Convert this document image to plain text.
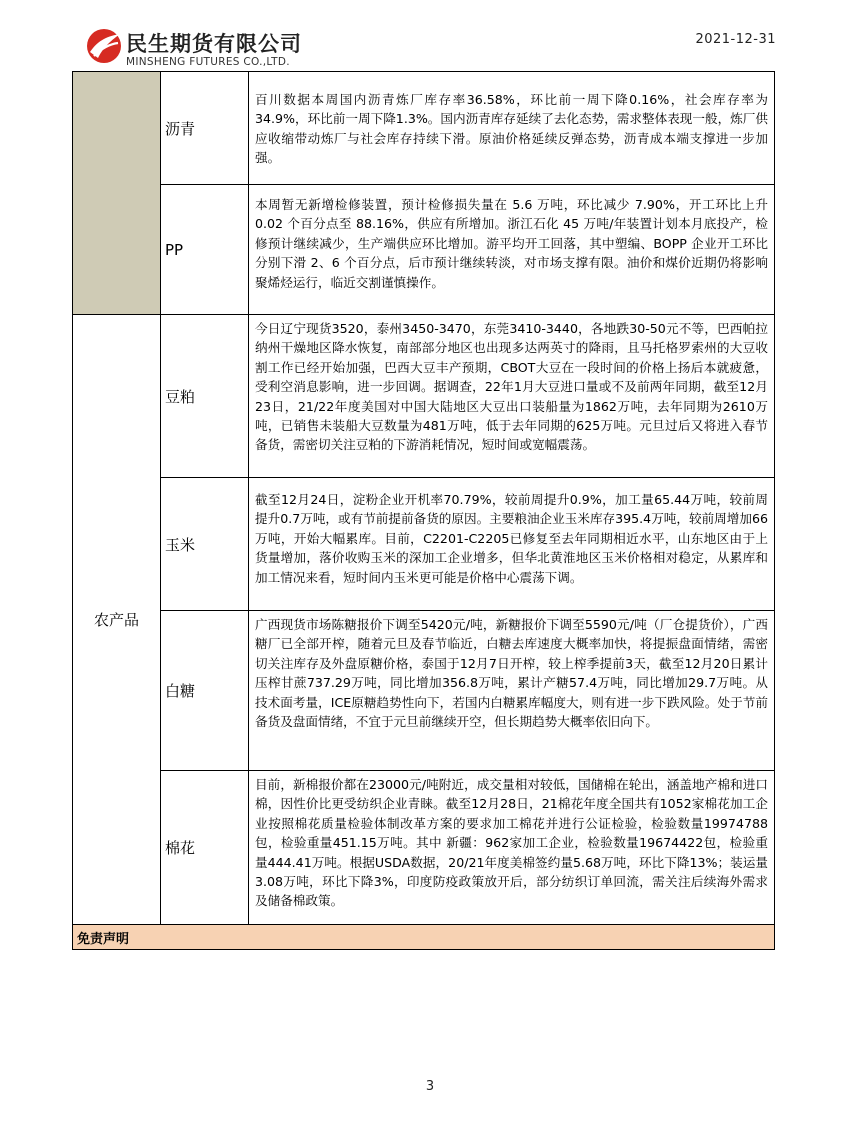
民生期货有限公司
MINSHENG FUTURES CO.,LTD.
2021-12-31
沥青
百川数据本周国内沥青炼厂库存率36.58%，环比前一周下降0.16%，社会库存率为34.9%，环比前一周下降1.3%。国内沥青库存延续了去化态势，需求整体表现一般，炼厂供应收缩带动炼厂与社会库存持续下滑。原油价格延续反弹态势，沥青成本端支撑进一步加强。
PP
本周暂无新增检修装置，预计检修损失量在 5.6 万吨，环比减少 7.90%，开工环比上升 0.02 个百分点至 88.16%，供应有所增加。浙江石化 45 万吨/年装置计划本月底投产，检修预计继续减少，生产端供应环比增加。游平均开工回落，其中塑编、BOPP 企业开工环比分别下滑 2、6 个百分点，后市预计继续转淡，对市场支撑有限。油价和煤价近期仍将影响聚烯烃运行，临近交割谨慎操作。
农产品
豆粕
今日辽宁现货3520，泰州3450-3470，东莞3410-3440，各地跌30-50元不等，巴西帕拉纳州干燥地区降水恢复，南部部分地区也出现多达两英寸的降雨，且马托格罗索州的大豆收割工作已经开始加强，巴西大豆丰产预期，CBOT大豆在一段时间的价格上扬后本就疲惫，受利空消息影响，进一步回调。据调查，22年1月大豆进口量或不及前两年同期，截至12月23日，21/22年度美国对中国大陆地区大豆出口装船量为1862万吨，去年同期为2610万吨，已销售未装船大豆数量为481万吨，低于去年同期的625万吨。元旦过后又将进入春节备货，需密切关注豆粕的下游消耗情况，短时间或宽幅震荡。
玉米
截至12月24日，淀粉企业开机率70.79%，较前周提升0.9%，加工量65.44万吨，较前周提升0.7万吨，或有节前提前备货的原因。主要粮油企业玉米库存395.4万吨，较前周增加66万吨，开始大幅累库。目前，C2201-C2205已修复至去年同期相近水平，山东地区由于上货量增加，落价收购玉米的深加工企业增多，但华北黄淮地区玉米价格相对稳定，从累库和加工情况来看，短时间内玉米更可能是价格中心震荡下调。
白糖
广西现货市场陈糖报价下调至5420元/吨，新糖报价下调至5590元/吨（厂仓提货价），广西糖厂已全部开榨，随着元旦及春节临近，白糖去库速度大概率加快，将提振盘面情绪，需密切关注库存及外盘原糖价格，泰国于12月7日开榨，较上榨季提前3天，截至12月20日累计压榨甘蔗737.29万吨，同比增加356.8万吨，累计产糖57.4万吨，同比增加29.7万吨。从技术面考量，ICE原糖趋势性向下，若国内白糖累库幅度大，则有进一步下跌风险。处于节前备货及盘面情绪，不宜于元旦前继续开空，但长期趋势大概率依旧向下。
棉花
目前，新棉报价都在23000元/吨附近，成交量相对较低，国储棉在轮出，涵盖地产棉和进口棉，因性价比更受纺织企业青睐。截至12月28日，21棉花年度全国共有1052家棉花加工企业按照棉花质量检验体制改革方案的要求加工棉花并进行公证检验，检验数量19974788包，检验重量451.15万吨。其中 新疆：962家加工企业，检验数量19674422包，检验重量444.41万吨。根据USDA数据，20/21年度美棉签约量5.68万吨，环比下降13%；装运量3.08万吨，环比下降3%，印度防疫政策放开后，部分纺织订单回流，需关注后续海外需求及储备棉政策。
免责声明
3
